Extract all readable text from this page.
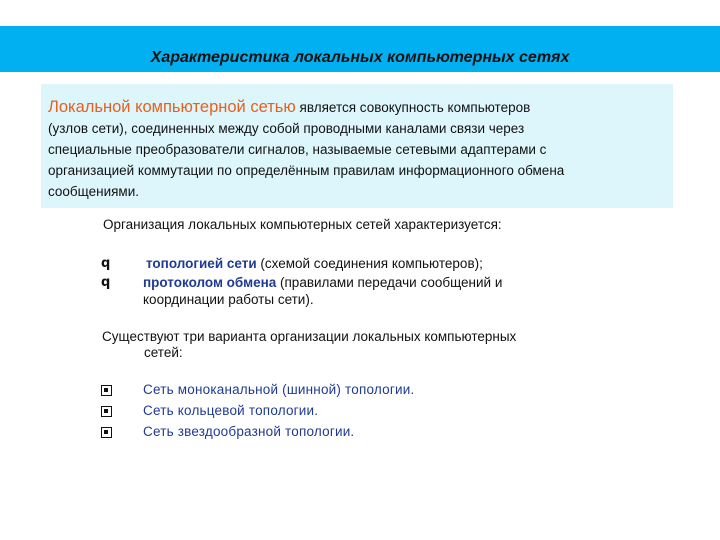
Характеристика локальных компьютерных сетях
Локальной компьютерной сетью является совокупность компьютеров
(узлов сети), соединенных между собой проводными каналами связи через
специальные преобразователи сигналов, называемые сетевыми адаптерами с
организацией коммутации по определённым правилам информационного обмена
сообщениями.
Организация локальных компьютерных сетей характеризуется:
q	топологией сети (схемой соединения компьютеров);
q протоколом обмена (правилами передачи сообщений и
координации работы сети).
Существуют три варианта организации локальных компьютерных
сетей:
Сеть моноканальной (шинной) топологии.
Сеть кольцевой топологии.
Сеть звездообразной топологии.
